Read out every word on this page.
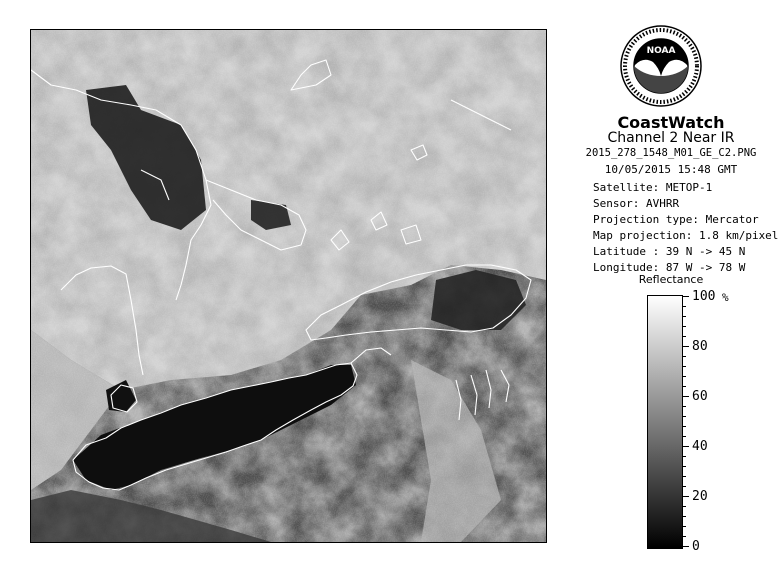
NOAA
CoastWatch
Channel 2 Near IR
2015_278_1548_M01_GE_C2.PNG
10/05/2015 15:48 GMT
Satellite: METOP-1
Sensor: AVHRR
Projection type: Mercator
Map projection: 1.8 km/pixel
Latitude : 39 N -> 45 N
Longitude: 87 W -> 78 W
Reflectance
%
100
80
60
40
20
0
